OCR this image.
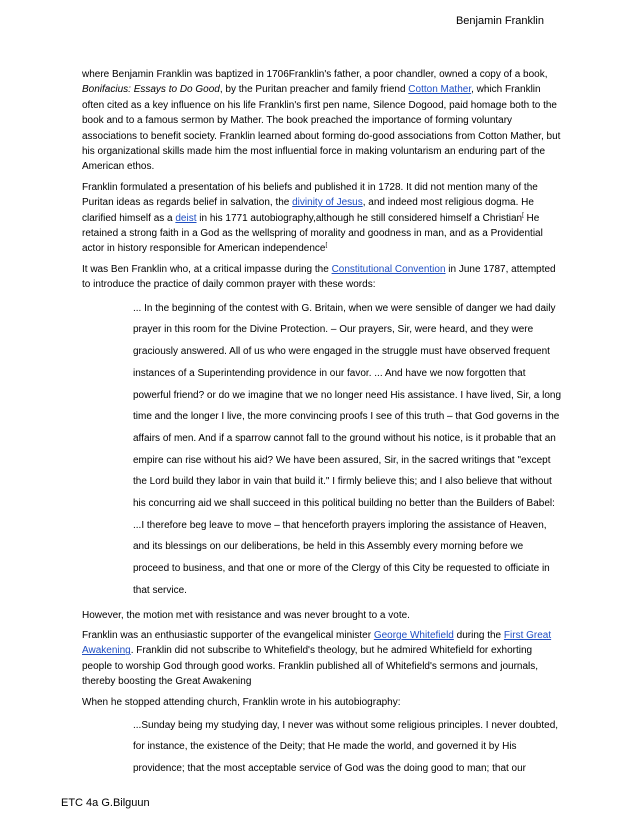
Benjamin Franklin

where Benjamin Franklin was baptized in 1706Franklin's father, a poor chandler, owned a copy of a book, Bonifacius: Essays to Do Good, by the Puritan preacher and family friend Cotton Mather, which Franklin often cited as a key influence on his life Franklin's first pen name, Silence Dogood, paid homage both to the book and to a famous sermon by Mather. The book preached the importance of forming voluntary associations to benefit society. Franklin learned about forming do-good associations from Cotton Mather, but his organizational skills made him the most influential force in making voluntarism an enduring part of the American ethos.

Franklin formulated a presentation of his beliefs and published it in 1728. It did not mention many of the Puritan ideas as regards belief in salvation, the divinity of Jesus, and indeed most religious dogma. He clarified himself as a deist in his 1771 autobiography,although he still considered himself a Christian[ He retained a strong faith in a God as the wellspring of morality and goodness in man, and as a Providential actor in history responsible for American independence[

It was Ben Franklin who, at a critical impasse during the Constitutional Convention in June 1787, attempted to introduce the practice of daily common prayer with these words:

... In the beginning of the contest with G. Britain, when we were sensible of danger we had daily prayer in this room for the Divine Protection. – Our prayers, Sir, were heard, and they were graciously answered. All of us who were engaged in the struggle must have observed frequent instances of a Superintending providence in our favor. ... And have we now forgotten that powerful friend? or do we imagine that we no longer need His assistance. I have lived, Sir, a long time and the longer I live, the more convincing proofs I see of this truth – that God governs in the affairs of men. And if a sparrow cannot fall to the ground without his notice, is it probable that an empire can rise without his aid? We have been assured, Sir, in the sacred writings that "except the Lord build they labor in vain that build it." I firmly believe this; and I also believe that without his concurring aid we shall succeed in this political building no better than the Builders of Babel: ...I therefore beg leave to move – that henceforth prayers imploring the assistance of Heaven, and its blessings on our deliberations, be held in this Assembly every morning before we proceed to business, and that one or more of the Clergy of this City be requested to officiate in that service.

However, the motion met with resistance and was never brought to a vote.

Franklin was an enthusiastic supporter of the evangelical minister George Whitefield during the First Great Awakening. Franklin did not subscribe to Whitefield's theology, but he admired Whitefield for exhorting people to worship God through good works. Franklin published all of Whitefield's sermons and journals, thereby boosting the Great Awakening

When he stopped attending church, Franklin wrote in his autobiography:

...Sunday being my studying day, I never was without some religious principles. I never doubted, for instance, the existence of the Deity; that He made the world, and governed it by His providence; that the most acceptable service of God was the doing good to man; that our

ETC 4a G.Bilguun
